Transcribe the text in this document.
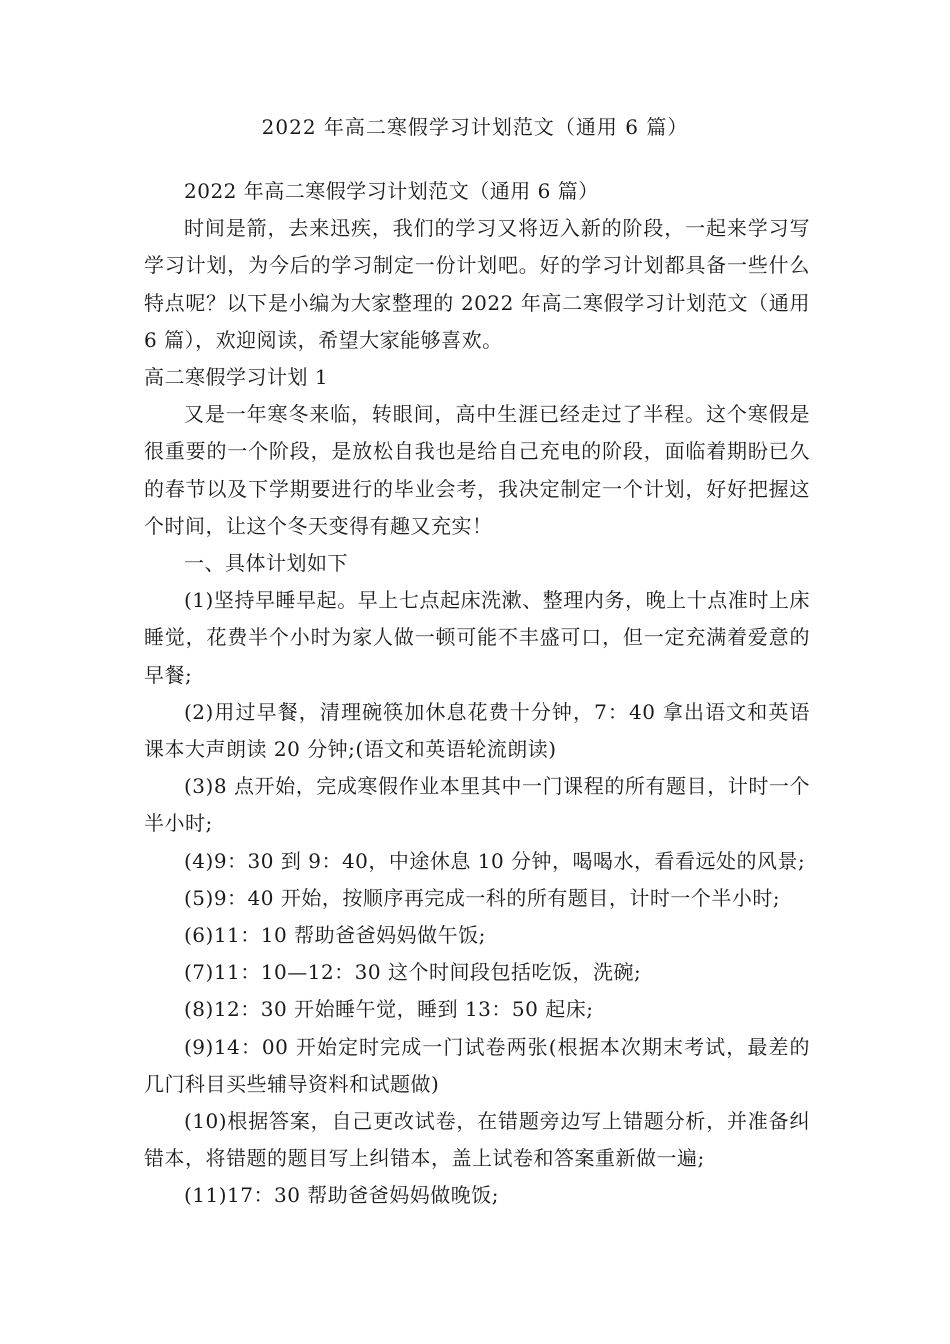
2022 年高二寒假学习计划范文（通用 6 篇）

2022 年高二寒假学习计划范文（通用 6 篇）

时间是箭，去来迅疾，我们的学习又将迈入新的阶段，一起来学习写学习计划，为今后的学习制定一份计划吧。好的学习计划都具备一些什么特点呢？以下是小编为大家整理的 2022 年高二寒假学习计划范文（通用 6 篇），欢迎阅读，希望大家能够喜欢。

高二寒假学习计划 1

又是一年寒冬来临，转眼间，高中生涯已经走过了半程。这个寒假是很重要的一个阶段，是放松自我也是给自己充电的阶段，面临着期盼已久的春节以及下学期要进行的毕业会考，我决定制定一个计划，好好把握这个时间，让这个冬天变得有趣又充实！

一、具体计划如下

(1)坚持早睡早起。早上七点起床洗漱、整理内务，晚上十点准时上床睡觉，花费半个小时为家人做一顿可能不丰盛可口，但一定充满着爱意的早餐;

(2)用过早餐，清理碗筷加休息花费十分钟，7：40 拿出语文和英语课本大声朗读 20 分钟;(语文和英语轮流朗读)

(3)8 点开始，完成寒假作业本里其中一门课程的所有题目，计时一个半小时;

(4)9：30 到 9：40，中途休息 10 分钟，喝喝水，看看远处的风景;

(5)9：40 开始，按顺序再完成一科的所有题目，计时一个半小时;

(6)11：10 帮助爸爸妈妈做午饭;

(7)11：10—12：30 这个时间段包括吃饭，洗碗;

(8)12：30 开始睡午觉，睡到 13：50 起床;

(9)14：00 开始定时完成一门试卷两张(根据本次期末考试，最差的几门科目买些辅导资料和试题做)

(10)根据答案，自己更改试卷，在错题旁边写上错题分析，并准备纠错本，将错题的题目写上纠错本，盖上试卷和答案重新做一遍;

(11)17：30 帮助爸爸妈妈做晚饭;
